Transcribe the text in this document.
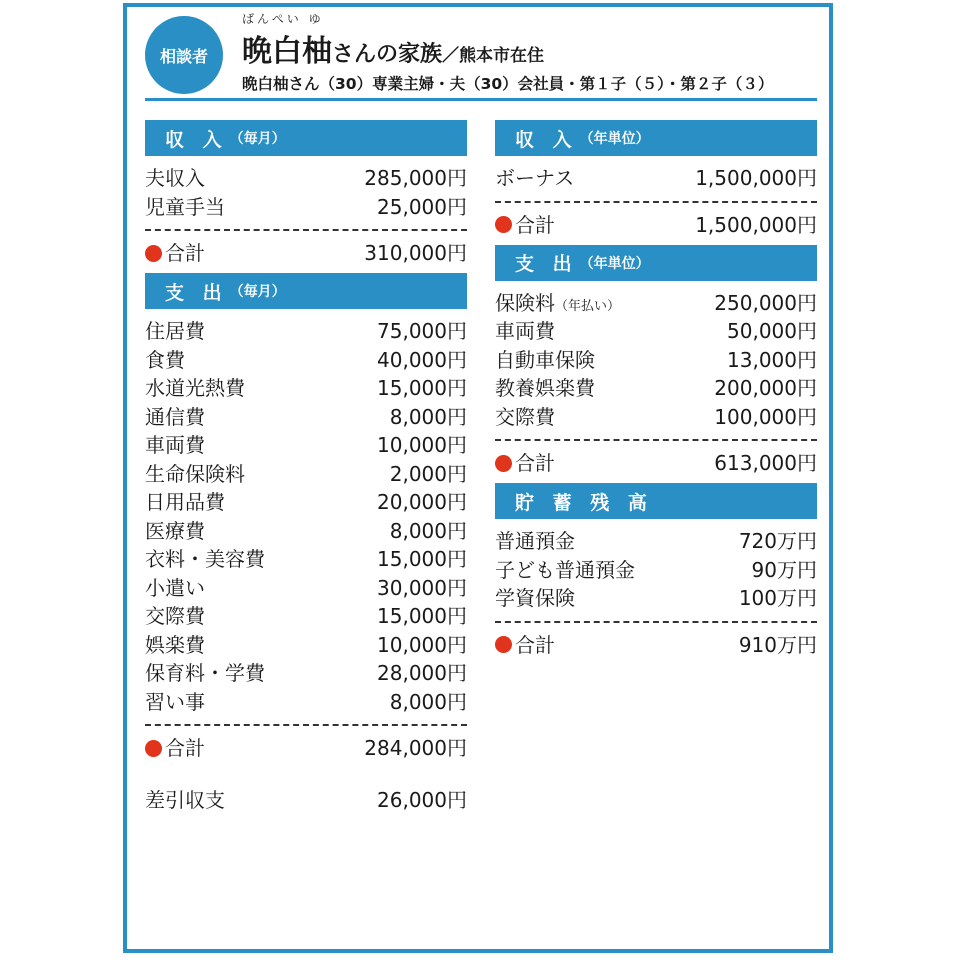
相談者
ばんぺい ゆ
晩白柚さんの家族／熊本市在住
晩白柚さん（30）専業主婦・夫（30）会社員・第１子（５）・第２子（３）
収 入 （毎月）
夫収入	285,000円
児童手当	25,000円
合計	310,000円
支 出 （毎月）
住居費	75,000円
食費	40,000円
水道光熱費	15,000円
通信費	8,000円
車両費	10,000円
生命保険料	2,000円
日用品費	20,000円
医療費	8,000円
衣料・美容費	15,000円
小遣い	30,000円
交際費	15,000円
娯楽費	10,000円
保育料・学費	28,000円
習い事	8,000円
合計	284,000円
差引収支	26,000円
収 入 （年単位）
ボーナス	1,500,000円
合計	1,500,000円
支 出 （年単位）
保険料（年払い）	250,000円
車両費	50,000円
自動車保険	13,000円
教養娯楽費	200,000円
交際費	100,000円
合計	613,000円
貯 蓄 残 高
普通預金	720万円
子ども普通預金	90万円
学資保険	100万円
合計	910万円
